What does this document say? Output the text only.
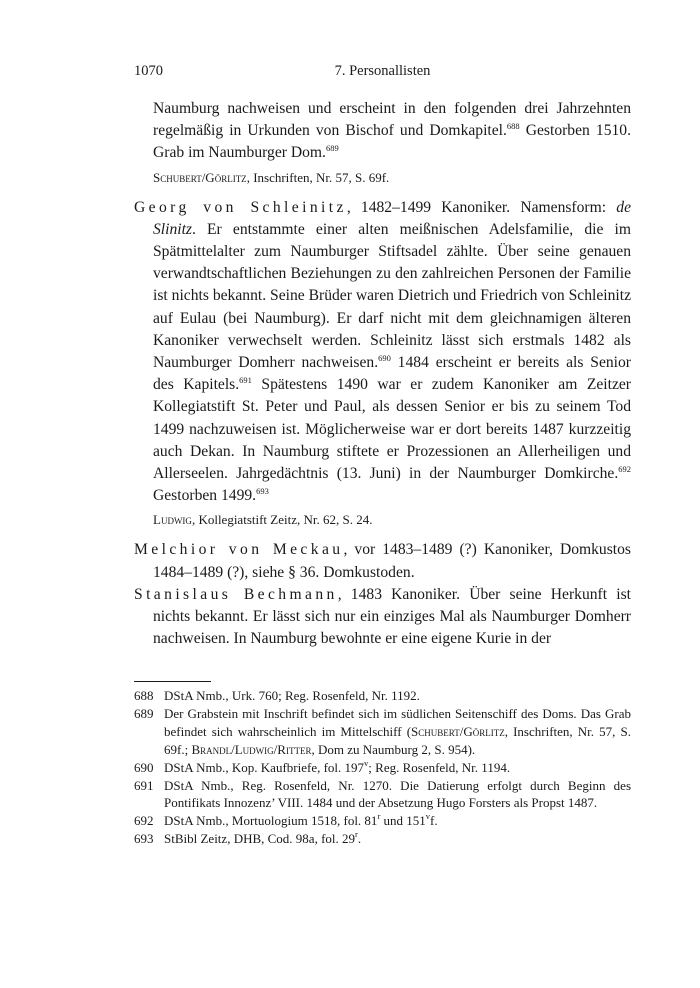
1070	7. Personallisten
Naumburg nachweisen und erscheint in den folgenden drei Jahrzehnten regelmäßig in Urkunden von Bischof und Domkapitel.$^{688}$ Gestorben 1510. Grab im Naumburger Dom.$^{689}$
Schubert/Görlitz, Inschriften, Nr. 57, S. 69f.
Georg von Schleinitz, 1482–1499 Kanoniker. Namensform: de Slinitz. Er entstammte einer alten meißnischen Adelsfamilie, die im Spätmittelalter zum Naumburger Stiftsadel zählte. Über seine genauen verwandtschaftlichen Beziehungen zu den zahlreichen Personen der Familie ist nichts bekannt. Seine Brüder waren Dietrich und Friedrich von Schleinitz auf Eulau (bei Naumburg). Er darf nicht mit dem gleichnamigen älteren Kanoniker verwechselt werden. Schleinitz lässt sich erstmals 1482 als Naumburger Domherr nachweisen.$^{690}$ 1484 erscheint er bereits als Senior des Kapitels.$^{691}$ Spätestens 1490 war er zudem Kanoniker am Zeitzer Kollegiatstift St. Peter und Paul, als dessen Senior er bis zu seinem Tod 1499 nachzuweisen ist. Möglicherweise war er dort bereits 1487 kurzzeitig auch Dekan. In Naumburg stiftete er Prozessionen an Allerheiligen und Allerseelen. Jahrgedächtnis (13. Juni) in der Naumburger Domkirche.$^{692}$ Gestorben 1499.$^{693}$
Ludwig, Kollegiatstift Zeitz, Nr. 62, S. 24.
Melchior von Meckau, vor 1483–1489 (?) Kanoniker, Domkustos 1484–1489 (?), siehe § 36. Domkustoden.
Stanislaus Bechmann, 1483 Kanoniker. Über seine Herkunft ist nichts bekannt. Er lässt sich nur ein einziges Mal als Naumburger Domherr nachweisen. In Naumburg bewohnte er eine eigene Kurie in der
688 DStA Nmb., Urk. 760; Reg. Rosenfeld, Nr. 1192.
689 Der Grabstein mit Inschrift befindet sich im südlichen Seitenschiff des Doms. Das Grab befindet sich wahrscheinlich im Mittelschiff (Schubert/Görlitz, Inschriften, Nr. 57, S. 69f.; Brandl/Ludwig/Ritter, Dom zu Naumburg 2, S. 954).
690 DStA Nmb., Kop. Kaufbriefe, fol. 197$^v$; Reg. Rosenfeld, Nr. 1194.
691 DStA Nmb., Reg. Rosenfeld, Nr. 1270. Die Datierung erfolgt durch Beginn des Pontifikats Innozenz’ VIII. 1484 und der Absetzung Hugo Forsters als Propst 1487.
692 DStA Nmb., Mortuologium 1518, fol. 81$^r$ und 151$^v$f.
693 StBibl Zeitz, DHB, Cod. 98a, fol. 29$^r$.
